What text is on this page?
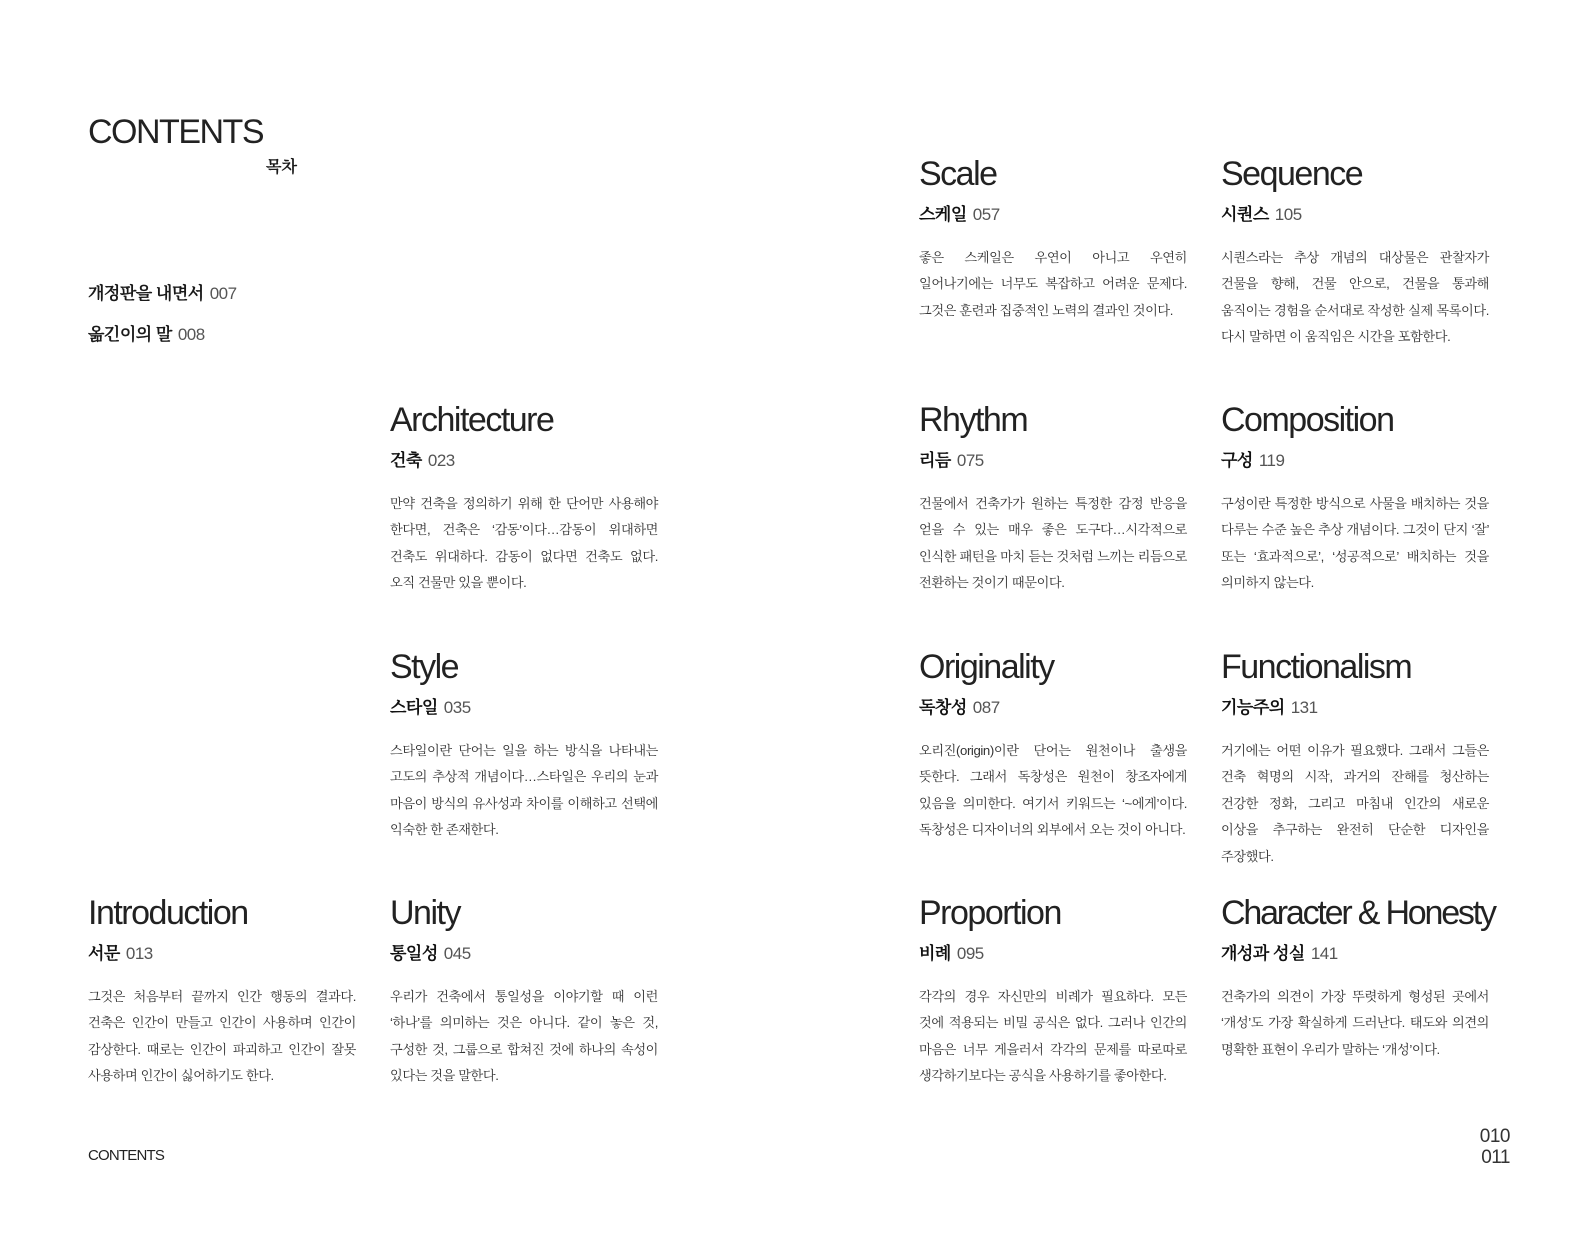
CONTENTS
목차
개정판을 내면서 007
옮긴이의 말 008
Introduction
서문 013
그것은 처음부터 끝까지 인간 행동의 결과다. 건축은 인간이 만들고 인간이 사용하며 인간이 감상한다. 때로는 인간이 파괴하고 인간이 잘못 사용하며 인간이 싫어하기도 한다.
Architecture
건축 023
만약 건축을 정의하기 위해 한 단어만 사용해야 한다면, 건축은 ‘감동’이다…감동이 위대하면 건축도 위대하다. 감동이 없다면 건축도 없다. 오직 건물만 있을 뿐이다.
Style
스타일 035
스타일이란 단어는 일을 하는 방식을 나타내는 고도의 추상적 개념이다…스타일은 우리의 눈과 마음이 방식의 유사성과 차이를 이해하고 선택에 익숙한 한 존재한다.
Unity
통일성 045
우리가 건축에서 통일성을 이야기할 때 이런 ‘하나’를 의미하는 것은 아니다. 같이 놓은 것, 구성한 것, 그룹으로 합쳐진 것에 하나의 속성이 있다는 것을 말한다.
Scale
스케일 057
좋은 스케일은 우연이 아니고 우연히 일어나기에는 너무도 복잡하고 어려운 문제다. 그것은 훈련과 집중적인 노력의 결과인 것이다.
Rhythm
리듬 075
건물에서 건축가가 원하는 특정한 감정 반응을 얻을 수 있는 매우 좋은 도구다…시각적으로 인식한 패턴을 마치 듣는 것처럼 느끼는 리듬으로 전환하는 것이기 때문이다.
Originality
독창성 087
오리진(origin)이란 단어는 원천이나 출생을 뜻한다. 그래서 독창성은 원천이 창조자에게 있음을 의미한다. 여기서 키워드는 ‘~에게’이다. 독창성은 디자이너의 외부에서 오는 것이 아니다.
Proportion
비례 095
각각의 경우 자신만의 비례가 필요하다. 모든 것에 적용되는 비밀 공식은 없다. 그러나 인간의 마음은 너무 게을러서 각각의 문제를 따로따로 생각하기보다는 공식을 사용하기를 좋아한다.
Sequence
시퀀스 105
시퀀스라는 추상 개념의 대상물은 관찰자가 건물을 향해, 건물 안으로, 건물을 통과해 움직이는 경험을 순서대로 작성한 실제 목록이다. 다시 말하면 이 움직임은 시간을 포함한다.
Composition
구성 119
구성이란 특정한 방식으로 사물을 배치하는 것을 다루는 수준 높은 추상 개념이다. 그것이 단지 ‘잘’ 또는 ‘효과적으로’, ‘성공적으로’ 배치하는 것을 의미하지 않는다.
Functionalism
기능주의 131
거기에는 어떤 이유가 필요했다. 그래서 그들은 건축 혁명의 시작, 과거의 잔해를 청산하는 건강한 정화, 그리고 마침내 인간의 새로운 이상을 추구하는 완전히 단순한 디자인을 주장했다.
Character & Honesty
개성과 성실 141
건축가의 의견이 가장 뚜렷하게 형성된 곳에서 ‘개성’도 가장 확실하게 드러난다. 태도와 의견의 명확한 표현이 우리가 말하는 ‘개성’이다.
CONTENTS
010
011
